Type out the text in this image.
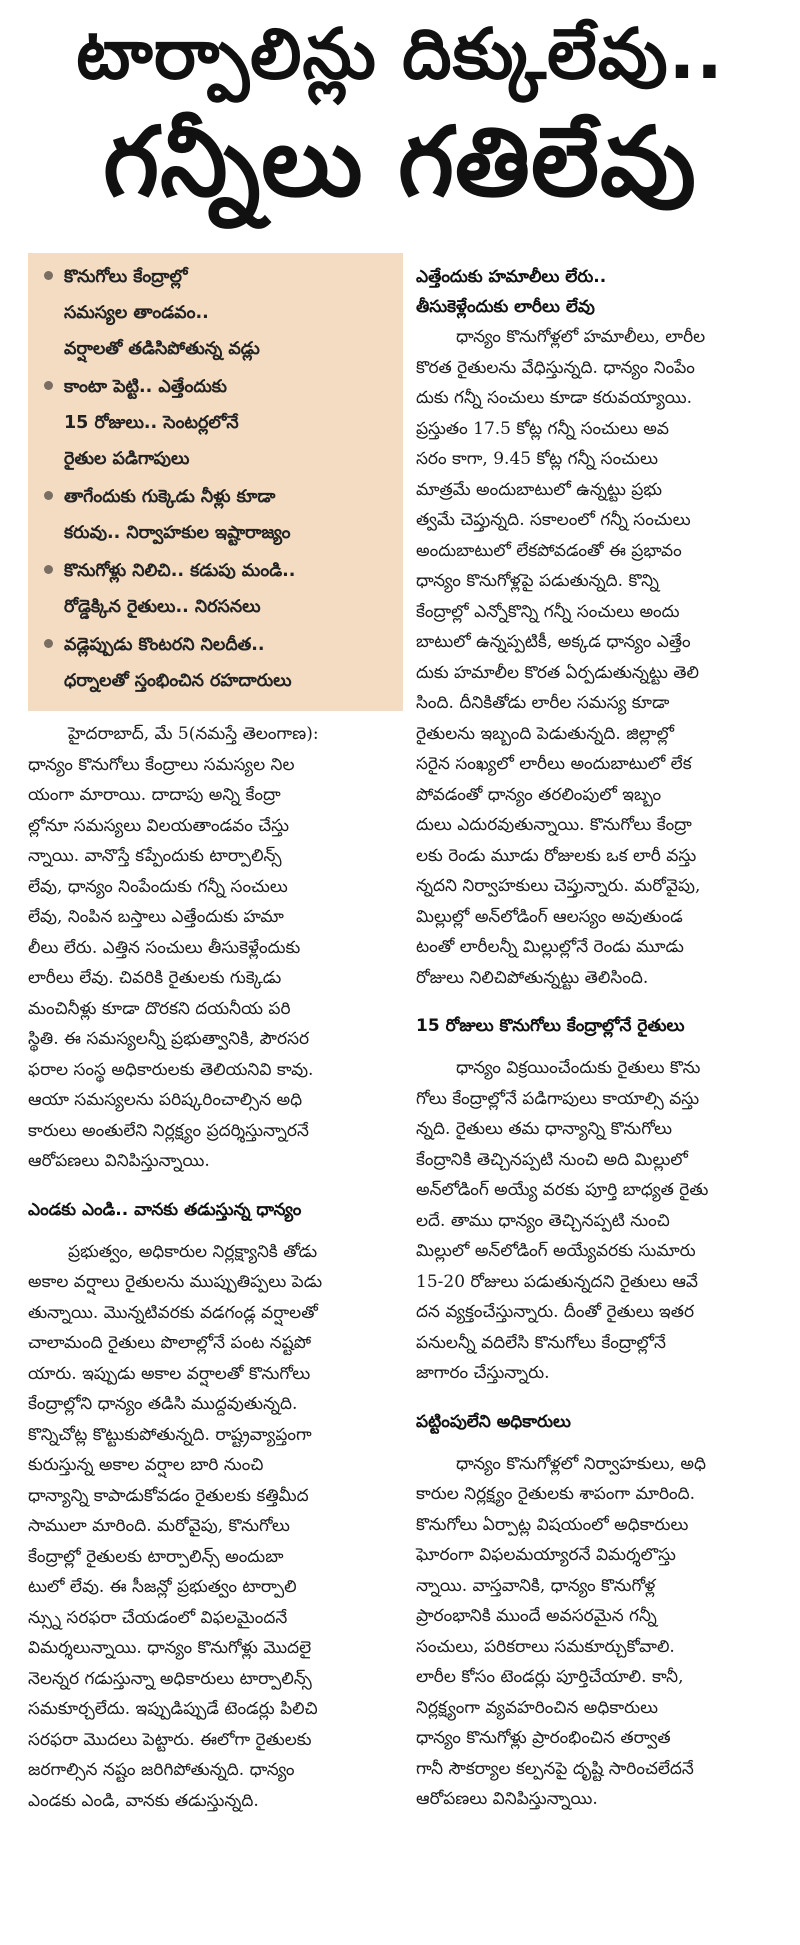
టార్పాలిన్లు దిక్కులేవు..
గన్నీలు గతిలేవు
కొనుగోలు కేంద్రాల్లో
సమస్యల తాండవం..
వర్షాలతో తడిసిపోతున్న వడ్లు
కాంటా పెట్టి.. ఎత్తేందుకు
15 రోజులు.. సెంటర్లలోనే
రైతుల పడిగాపులు
తాగేందుకు గుక్కెడు నీళ్లు కూడా
కరువు.. నిర్వాహకుల ఇష్టారాజ్యం
కొనుగోళ్లు నిలిచి.. కడుపు మండి..
రోడ్డెక్కిన రైతులు.. నిరసనలు
వడ్లెప్పుడు కొంటరని నిలదీత..
ధర్నాలతో స్తంభించిన రహదారులు
హైదరాబాద్, మే 5(నమస్తే తెలంగాణ):
ధాన్యం కొనుగోలు కేంద్రాలు సమస్యల నిల
యంగా మారాయి. దాదాపు అన్ని కేంద్రా
ల్లోనూ సమస్యలు విలయతాండవం చేస్తు
న్నాయి. వానొస్తే కప్పేందుకు టార్పాలిన్స్
లేవు, ధాన్యం నింపేందుకు గన్నీ సంచులు
లేవు, నింపిన బస్తాలు ఎత్తేందుకు హమా
లీలు లేరు. ఎత్తిన సంచులు తీసుకెళ్లేందుకు
లారీలు లేవు. చివరికి రైతులకు గుక్కెడు
మంచినీళ్లు కూడా దొరకని దయనీయ పరి
స్థితి. ఈ సమస్యలన్నీ ప్రభుత్వానికి, పౌరసర
ఫరాల సంస్థ అధికారులకు తెలియనివి కావు.
ఆయా సమస్యలను పరిష్కరించాల్సిన అధి
కారులు అంతులేని నిర్లక్ష్యం ప్రదర్శిస్తున్నారనే
ఆరోపణలు వినిపిస్తున్నాయి.
ఎండకు ఎండి.. వానకు తడుస్తున్న ధాన్యం
ప్రభుత్వం, అధికారుల నిర్లక్ష్యానికి తోడు
అకాల వర్షాలు రైతులను ముప్పుతిప్పలు పెడు
తున్నాయి. మొన్నటివరకు వడగండ్ల వర్షాలతో
చాలామంది రైతులు పొలాల్లోనే పంట నష్టపో
యారు. ఇప్పుడు అకాల వర్షాలతో కొనుగోలు
కేంద్రాల్లోని ధాన్యం తడిసి ముద్దవుతున్నది.
కొన్నిచోట్ల కొట్టుకుపోతున్నది. రాష్ట్రవ్యాప్తంగా
కురుస్తున్న అకాల వర్షాల బారి నుంచి
ధాన్యాన్ని కాపాడుకోవడం రైతులకు కత్తిమీద
సాములా మారింది. మరోవైపు, కొనుగోలు
కేంద్రాల్లో రైతులకు టార్పాలిన్స్ అందుబా
టులో లేవు. ఈ సీజన్లో ప్రభుత్వం టార్పాలి
న్స్ను సరఫరా చేయడంలో విఫలమైందనే
విమర్శలున్నాయి. ధాన్యం కొనుగోళ్లు మొదలై
నెలన్నర గడుస్తున్నా అధికారులు టార్పాలిన్స్
సమకూర్చలేదు. ఇప్పుడిప్పుడే టెండర్లు పిలిచి
సరఫరా మొదలు పెట్టారు. ఈలోగా రైతులకు
జరగాల్సిన నష్టం జరిగిపోతున్నది. ధాన్యం
ఎండకు ఎండి, వానకు తడుస్తున్నది.
ఎత్తేందుకు హమాలీలు లేరు..
తీసుకెళ్లేందుకు లారీలు లేవు
ధాన్యం కొనుగోళ్లలో హమాలీలు, లారీల
కొరత రైతులను వేధిస్తున్నది. ధాన్యం నింపేం
దుకు గన్నీ సంచులు కూడా కరువయ్యాయి.
ప్రస్తుతం 17.5 కోట్ల గన్నీ సంచులు అవ
సరం కాగా, 9.45 కోట్ల గన్నీ సంచులు
మాత్రమే అందుబాటులో ఉన్నట్టు ప్రభు
త్వమే చెప్తున్నది. సకాలంలో గన్నీ సంచులు
అందుబాటులో లేకపోవడంతో ఈ ప్రభావం
ధాన్యం కొనుగోళ్లపై పడుతున్నది. కొన్ని
కేంద్రాల్లో ఎన్నోకొన్ని గన్నీ సంచులు అందు
బాటులో ఉన్నప్పటికీ, అక్కడ ధాన్యం ఎత్తేం
దుకు హమాలీల కొరత ఏర్పడుతున్నట్టు తెలి
సింది. దీనికితోడు లారీల సమస్య కూడా
రైతులను ఇబ్బంది పెడుతున్నది. జిల్లాల్లో
సరైన సంఖ్యలో లారీలు అందుబాటులో లేక
పోవడంతో ధాన్యం తరలింపులో ఇబ్బం
దులు ఎదురవుతున్నాయి. కొనుగోలు కేంద్రా
లకు రెండు మూడు రోజులకు ఒక లారీ వస్తు
న్నదని నిర్వాహకులు చెప్తున్నారు. మరోవైపు,
మిల్లుల్లో అన్‌లోడింగ్ ఆలస్యం అవుతుండ
టంతో లారీలన్నీ మిల్లుల్లోనే రెండు మూడు
రోజులు నిలిచిపోతున్నట్టు తెలిసింది.
15 రోజులు కొనుగోలు కేంద్రాల్లోనే రైతులు
ధాన్యం విక్రయించేందుకు రైతులు కొను
గోలు కేంద్రాల్లోనే పడిగాపులు కాయాల్సి వస్తు
న్నది. రైతులు తమ ధాన్యాన్ని కొనుగోలు
కేంద్రానికి తెచ్చినప్పటి నుంచి అది మిల్లులో
అన్‌లోడింగ్ అయ్యే వరకు పూర్తి బాధ్యత రైతు
లదే. తాము ధాన్యం తెచ్చినప్పటి నుంచి
మిల్లులో అన్‌లోడింగ్ అయ్యేవరకు సుమారు
15-20 రోజులు పడుతున్నదని రైతులు ఆవే
దన వ్యక్తంచేస్తున్నారు. దీంతో రైతులు ఇతర
పనులన్నీ వదిలేసి కొనుగోలు కేంద్రాల్లోనే
జాగారం చేస్తున్నారు.
పట్టింపులేని అధికారులు
ధాన్యం కొనుగోళ్లలో నిర్వాహకులు, అధి
కారుల నిర్లక్ష్యం రైతులకు శాపంగా మారింది.
కొనుగోలు ఏర్పాట్ల విషయంలో అధికారులు
ఘోరంగా విఫలమయ్యారనే విమర్శలొస్తు
న్నాయి. వాస్తవానికి, ధాన్యం కొనుగోళ్ల
ప్రారంభానికి ముందే అవసరమైన గన్నీ
సంచులు, పరికరాలు సమకూర్చుకోవాలి.
లారీల కోసం టెండర్లు పూర్తిచేయాలి. కానీ,
నిర్లక్ష్యంగా వ్యవహరించిన అధికారులు
ధాన్యం కొనుగోళ్లు ప్రారంభించిన తర్వాత
గానీ సౌకర్యాల కల్పనపై దృష్టి సారించలేదనే
ఆరోపణలు వినిపిస్తున్నాయి.
